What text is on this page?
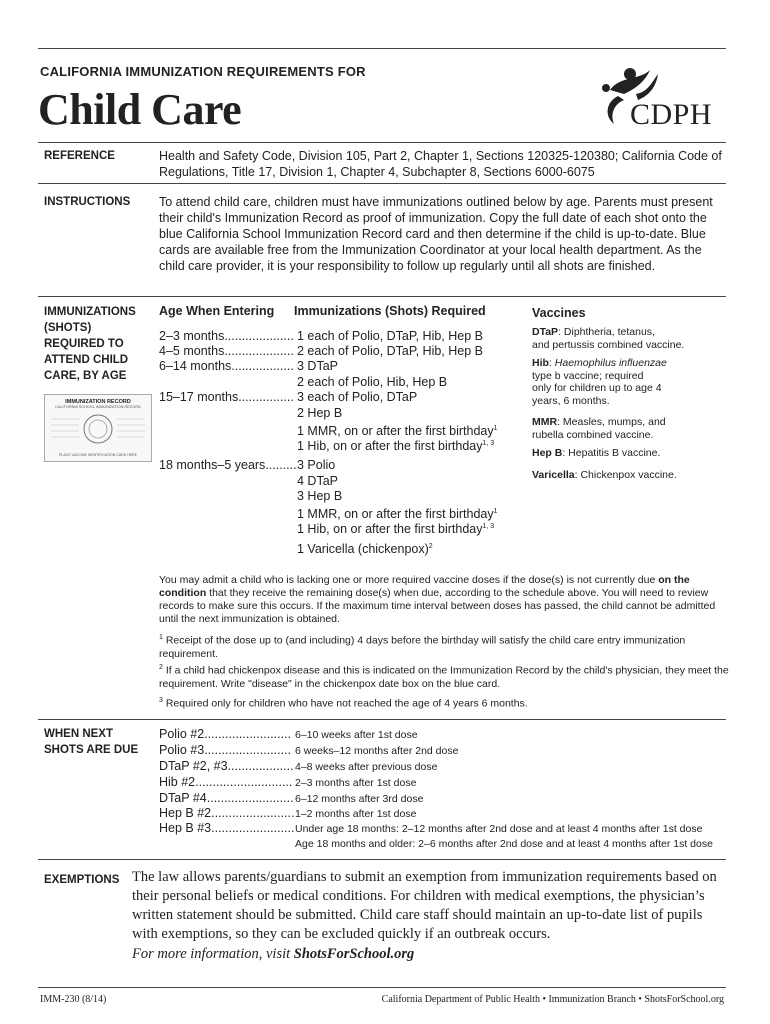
CALIFORNIA IMMUNIZATION REQUIREMENTS FOR
Child Care	CDPH
REFERENCE	Health and Safety Code, Division 105, Part 2, Chapter 1, Sections 120325-120380; California Code of Regulations, Title 17, Division 1, Chapter 4, Subchapter 8, Sections 6000-6075
INSTRUCTIONS To attend child care, children must have immunizations outlined below by age. Parents must present their child's Immunization Record as proof of immunization. Copy the full date of each shot onto the blue California School Immunization Record card and then determine if the child is up-to-date. Blue cards are available free from the Immunization Coordinator at your local health department. As the child care provider, it is your responsibility to follow up regularly until all shots are finished.
IMMUNIZATIONS
(SHOTS)
REQUIRED TO
ATTEND CHILD
CARE, BY AGE
IMMUNIZATION RECORD
CALIFORNIA SCHOOL IMMUNIZATION RECORD
PLACE VACCINE IDENTIFICATION CARD HERE
Age When Entering Immunizations (Shots) Required	Vaccines
2–3 months.................... 1 each of Polio, DTaP, Hib, Hep B
4–5 months.................... 2 each of Polio, DTaP, Hib, Hep B
6–14 months.................. 3 DTaP
2 each of Polio, Hib, Hep B
15–17 months................ 3 each of Polio, DTaP
2 Hep B
1 MMR, on or after the first birthday$^1$
1 Hib, on or after the first birthday$^{1, 3}$
18 months–5 years.........3 Polio
4 DTaP
3 Hep B
1 MMR, on or after the first birthday$^1$
1 Hib, on or after the first birthday$^{1, 3}$
1 Varicella (chickenpox)$^2$
DTaP: Diphtheria, tetanus,
and pertussis combined vaccine.
Hib: Haemophilus influenzae
type b vaccine; required
only for children up to age 4
years, 6 months.
MMR: Measles, mumps, and
rubella combined vaccine.
Hep B: Hepatitis B vaccine.
Varicella: Chickenpox vaccine.
You may admit a child who is lacking one or more required vaccine doses if the dose(s) is not currently due on the condition that they receive the remaining dose(s) when due, according to the schedule above. You will need to review records to make sure this occurs. If the maximum time interval between doses has passed, the child cannot be admitted until the next immunization is obtained.
$^1$ Receipt of the dose up to (and including) 4 days before the birthday will satisfy the child care entry immunization requirement.
$^2$ If a child had chickenpox disease and this is indicated on the Immunization Record by the child's physician, they meet the requirement. Write "disease" in the chickenpox date box on the blue card.
$^3$ Required only for children who have not reached the age of 4 years 6 months.
WHEN NEXT
SHOTS ARE DUE
Polio #2......................... 6–10 weeks after 1st dose
Polio #3......................... 6 weeks–12 months after 2nd dose
DTaP #2, #3...................4–8 weeks after previous dose
Hib #2............................ 2–3 months after 1st dose
DTaP #4.........................6–12 months after 3rd dose
Hep B #2........................1–2 months after 1st dose
Hep B #3........................Under age 18 months: 2–12 months after 2nd dose and at least 4 months after 1st dose
Age 18 months and older: 2–6 months after 2nd dose and at least 4 months after 1st dose
EXEMPTIONS The law allows parents/guardians to submit an exemption from immunization requirements based on their personal beliefs or medical conditions. For children with medical exemptions, the physician’s written statement should be submitted. Child care staff should maintain an up-to-date list of pupils with exemptions, so they can be excluded quickly if an outbreak occurs.
For more information, visit ShotsForSchool.org
IMM-230 (8/14)	California Department of Public Health • Immunization Branch • ShotsForSchool.org
